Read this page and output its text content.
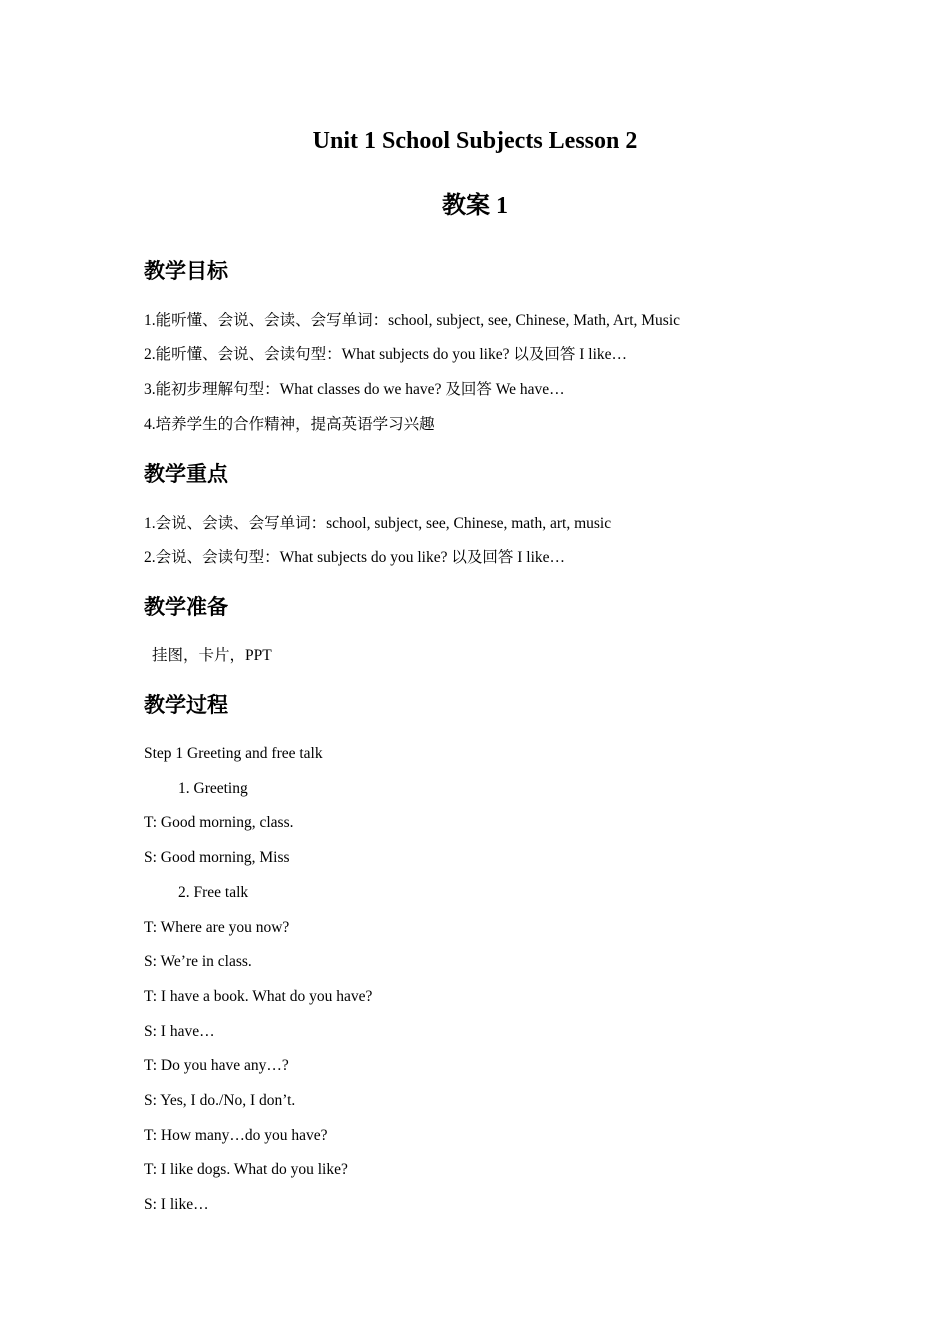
Unit 1 School Subjects Lesson 2
教案 1
教学目标
1.能听懂、会说、会读、会写单词：school, subject, see, Chinese, Math, Art, Music
2.能听懂、会说、会读句型：What subjects do you like? 以及回答 I like…
3.能初步理解句型：What classes do we have? 及回答 We have…
4.培养学生的合作精神，提高英语学习兴趣
教学重点
1.会说、会读、会写单词：school, subject, see, Chinese, math, art, music
2.会说、会读句型：What subjects do you like? 以及回答 I like…
教学准备
挂图，卡片，PPT
教学过程
Step 1 Greeting and free talk
1. Greeting
T: Good morning, class.
S: Good morning, Miss
2. Free talk
T: Where are you now?
S: We’re in class.
T: I have a book. What do you have?
S: I have…
T: Do you have any…?
S: Yes, I do./No, I don’t.
T: How many…do you have?
T: I like dogs. What do you like?
S: I like…
